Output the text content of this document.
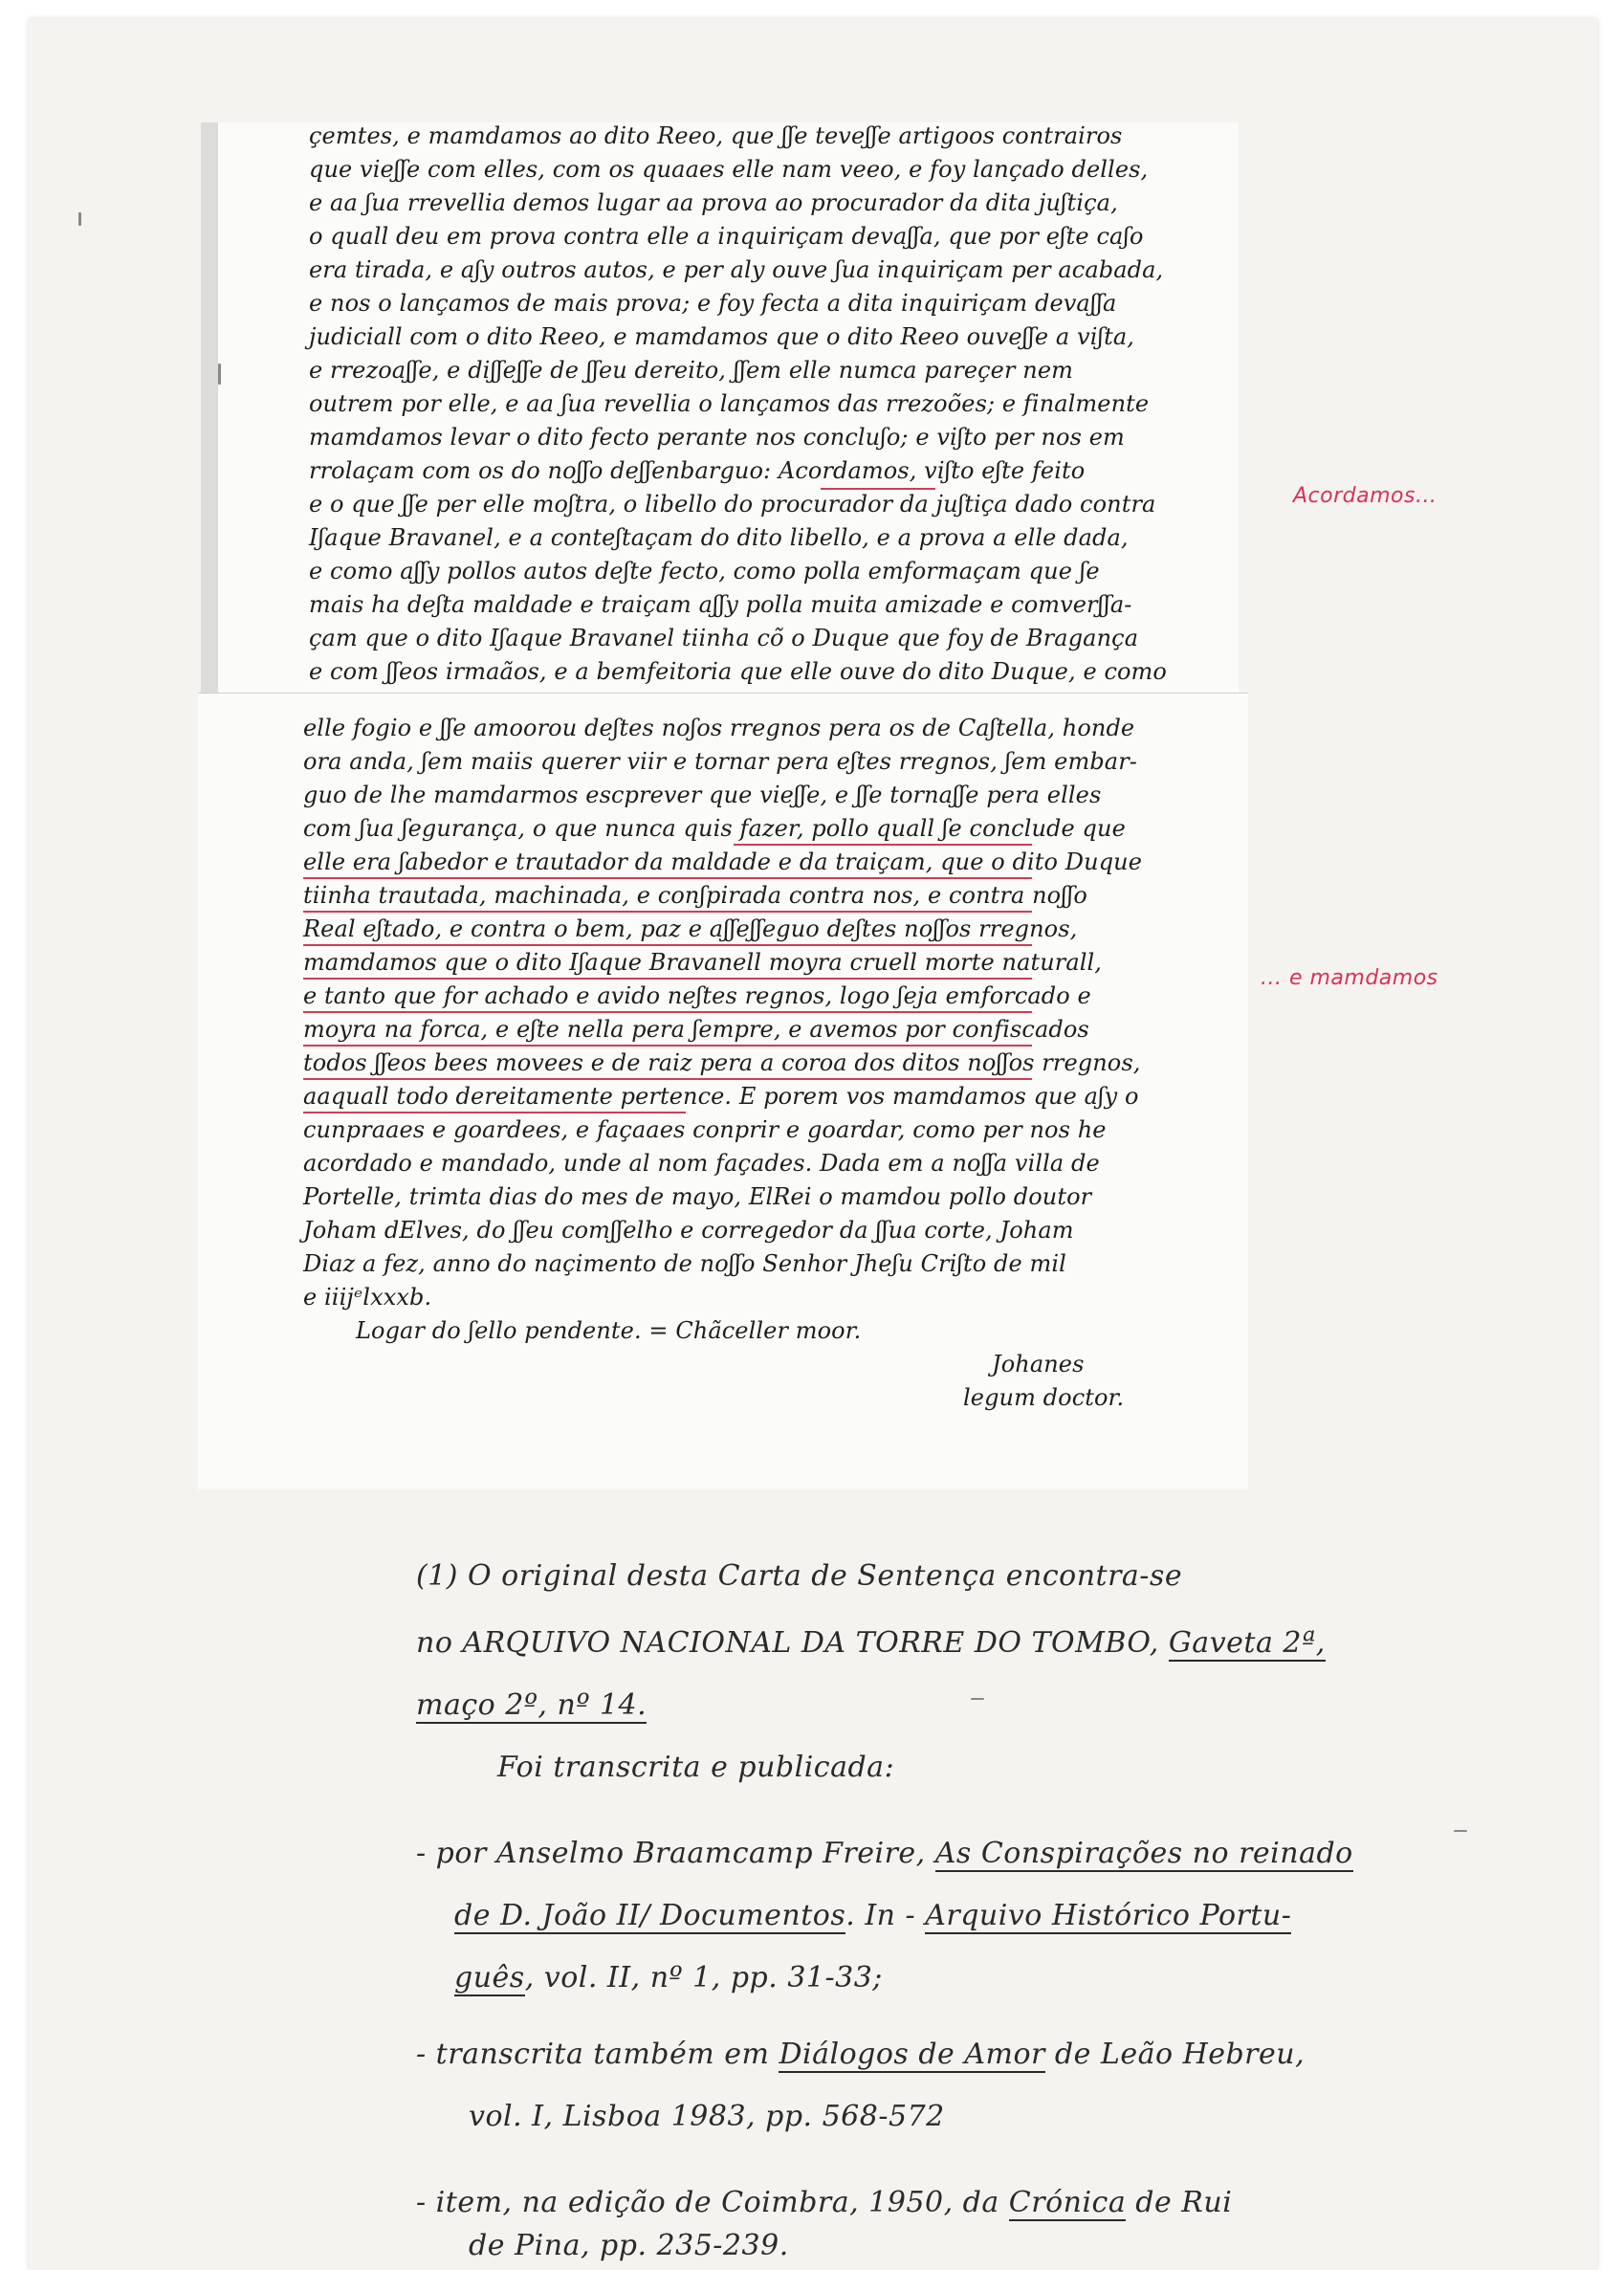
çemtes, e mamdamos ao dito Reeo, que ʃʃe teveʃʃe artigoos contrairos
que vieʃʃe com elles, com os quaaes elle nam veeo, e foy lançado delles,
e aa ʃua rrevellia demos lugar aa prova ao procurador da dita juʃtiça,
o quall deu em prova contra elle a inquiriçam devaʃʃa, que por eʃte caʃo
era tirada, e aʃy outros autos, e per aly ouve ʃua inquiriçam per acabada,
e nos o lançamos de mais prova; e foy fecta a dita inquiriçam devaʃʃa
judiciall com o dito Reeo, e mamdamos que o dito Reeo ouveʃʃe a viʃta,
e rrezoaʃʃe, e diʃʃeʃʃe de ʃʃeu dereito, ʃʃem elle numca pareçer nem
outrem por elle, e aa ʃua revellia o lançamos das rrezoões; e finalmente
mamdamos levar o dito fecto perante nos concluʃo; e viʃto per nos em
rrolaçam com os do noʃʃo deʃʃenbarguo: Acordamos, viʃto eʃte feito
e o que ʃʃe per elle moʃtra, o libello do procurador da juʃtiça dado contra
Iʃaque Bravanel, e a conteʃtaçam do dito libello, e a prova a elle dada,
e como aʃʃy pollos autos deʃte fecto, como polla emformaçam que ʃe
mais ha deʃta maldade e traiçam aʃʃy polla muita amizade e comverʃʃa-
çam que o dito Iʃaque Bravanel tiinha cõ o Duque que foy de Bragança
e com ʃʃeos irmaãos, e a bemfeitoria que elle ouve do dito Duque, e como
elle fogio e ʃʃe amoorou deʃtes noʃos rregnos pera os de Caʃtella, honde
ora anda, ʃem maiis querer viir e tornar pera eʃtes rregnos, ʃem embar-
guo de lhe mamdarmos escprever que vieʃʃe, e ʃʃe tornaʃʃe pera elles
com ʃua ʃegurança, o que nunca quis fazer, pollo quall ʃe conclude que
elle era ʃabedor e trautador da maldade e da traiçam, que o dito Duque
tiinha trautada, machinada, e conʃpirada contra nos, e contra noʃʃo
Real eʃtado, e contra o bem, paz e aʃʃeʃʃeguo deʃtes noʃʃos rregnos,
mamdamos que o dito Iʃaque Bravanell moyra cruell morte naturall,
e tanto que for achado e avido neʃtes regnos, logo ʃeja emforcado e
moyra na forca, e eʃte nella pera ʃempre, e avemos por confiscados
todos ʃʃeos bees movees e de raiz pera a coroa dos ditos noʃʃos rregnos,
aaquall todo dereitamente pertence. E porem vos mamdamos que aʃy o
cunpraaes e goardees, e façaaes conprir e goardar, como per nos he
acordado e mandado, unde al nom façades. Dada em a noʃʃa villa de
Portelle, trimta dias do mes de mayo, ElRei o mamdou pollo doutor
Joham dElves, do ʃʃeu comʃʃelho e corregedor da ʃʃua corte, Joham
Diaz a fez, anno do naçimento de noʃʃo Senhor Jheʃu Criʃto de mil
e iiijᵉlxxxb.
Logar do ʃello pendente. = Chãceller moor.
Johanes
legum doctor.
Acordamos...
... e mamdamos
(1) O original desta Carta de Sentença encontra-se
no ARQUIVO NACIONAL DA TORRE DO TOMBO, Gaveta 2ª,
maço 2º, nº 14.
Foi transcrita e publicada:
- por Anselmo Braamcamp Freire, As Conspirações no reinado
de D. João II/ Documentos. In - Arquivo Histórico Portu-
guês, vol. II, nº 1, pp. 31-33;
- transcrita também em Diálogos de Amor de Leão Hebreu,
vol. I, Lisboa 1983, pp. 568-572
- item, na edição de Coimbra, 1950, da Crónica de Rui
de Pina, pp. 235-239.
